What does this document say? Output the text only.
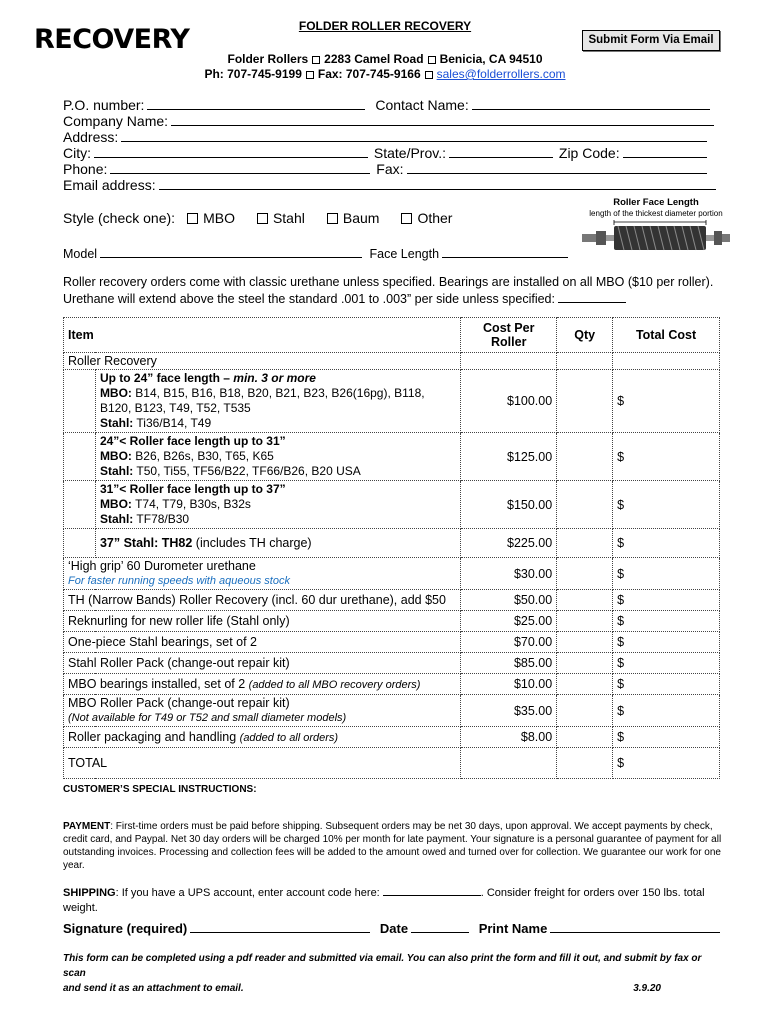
RECOVERY	FOLDER ROLLER RECOVERY
Submit Form Via Email
Folder Rollers 2283 Camel Road Benicia, CA 94510
Ph: 707-745-9199 Fax: 707-745-9166 sales@folderrollers.com
P.O. number:	Contact Name:
Company Name:
Address:
City:	State/Prov.:	Zip Code:
Phone:	Fax:
Email address:
Style (check one): MBO	Stahl	Baum	Other
Roller Face Length
length of the thickest diameter portion
Model	Face Length
Roller recovery orders come with classic urethane unless specified. Bearings are installed on all MBO ($10 per roller).
Urethane will extend above the steel the standard .001 to .003” per side unless specified:
Item		Cost Per Roller	Qty	Total Cost
Roller Recovery				
	Up to 24” face length – min. 3 or more
MBO: B14, B15, B16, B18, B20, B21, B23, B26(16pg), B118, B120, B123, T49, T52, T535
Stahl: Ti36/B14, T49	$100.00		$
	24”< Roller face length up to 31”
MBO: B26, B26s, B30, T65, K65
Stahl: T50, Ti55, TF56/B22, TF66/B26, B20 USA	$125.00		$
	31”< Roller face length up to 37”
MBO: T74, T79, B30s, B32s
Stahl: TF78/B30	$150.00		$
	37” Stahl: TH82 (includes TH charge)	$225.00		$
‘High grip’ 60 Durometer urethane
For faster running speeds with aqueous stock		$30.00		$
TH (Narrow Bands) Roller Recovery (incl. 60 dur urethane), add $50		$50.00		$
Reknurling for new roller life (Stahl only)		$25.00		$
One-piece Stahl bearings, set of 2		$70.00		$
Stahl Roller Pack (change-out repair kit)		$85.00		$
MBO bearings installed, set of 2 (added to all MBO recovery orders)		$10.00		$
MBO Roller Pack (change-out repair kit)
(Not available for T49 or T52 and small diameter models)		$35.00		$
Roller packaging and handling (added to all orders)		$8.00		$
TOTAL				$
CUSTOMER’S SPECIAL INSTRUCTIONS:
PAYMENT: First-time orders must be paid before shipping. Subsequent orders may be net 30 days, upon approval. We accept payments by check, credit card, and Paypal. Net 30 day orders will be charged 10% per month for late payment. Your signature is a personal guarantee of payment for all outstanding invoices. Processing and collection fees will be added to the amount owed and turned over for collection. We guarantee our work for one year.
SHIPPING: If you have a UPS account, enter account code here:	. Consider freight for orders over 150 lbs. total weight.
Signature (required)	Date	Print Name
This form can be completed using a pdf reader and submitted via email. You can also print the form and fill it out, and submit by fax or scan
and send it as an attachment to email.	3.9.20
